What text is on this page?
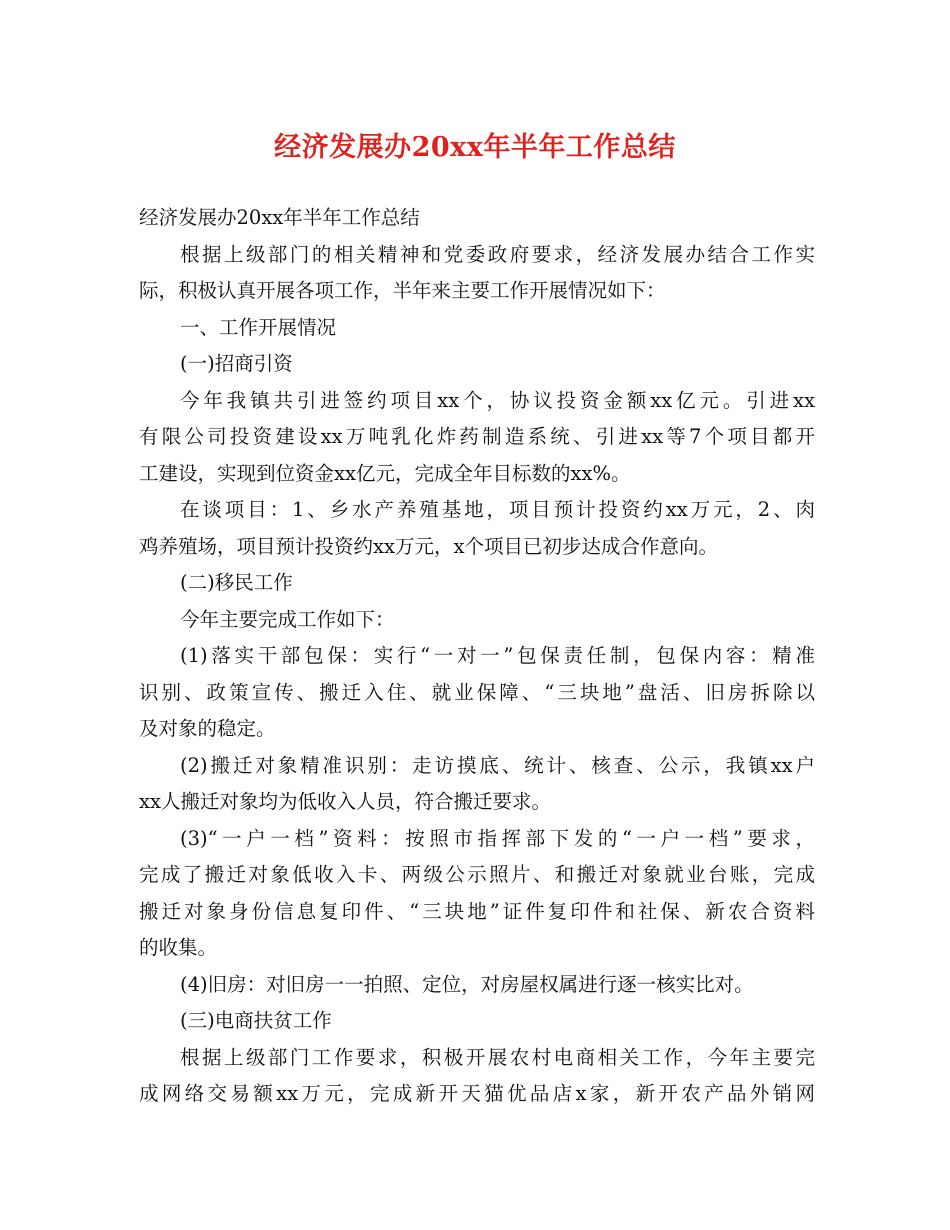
经济发展办20xx年半年工作总结
经济发展办20xx年半年工作总结
根据上级部门的相关精神和党委政府要求，经济发展办结合工作实
际，积极认真开展各项工作，半年来主要工作开展情况如下：
一、工作开展情况
(一)招商引资
今年我镇共引进签约项目xx个，协议投资金额xx亿元。引进xx
有限公司投资建设xx万吨乳化炸药制造系统、引进xx等7个项目都开
工建设，实现到位资金xx亿元，完成全年目标数的xx%。
在谈项目：1、乡水产养殖基地，项目预计投资约xx万元，2、肉
鸡养殖场，项目预计投资约xx万元，x个项目已初步达成合作意向。
(二)移民工作
今年主要完成工作如下：
(1)落实干部包保：实行“一对一”包保责任制，包保内容：精准
识别、政策宣传、搬迁入住、就业保障、“三块地”盘活、旧房拆除以
及对象的稳定。
(2)搬迁对象精准识别：走访摸底、统计、核查、公示，我镇xx户
xx人搬迁对象均为低收入人员，符合搬迁要求。
(3)“一户一档”资料：按照市指挥部下发的“一户一档”要求，
完成了搬迁对象低收入卡、两级公示照片、和搬迁对象就业台账，完成
搬迁对象身份信息复印件、“三块地”证件复印件和社保、新农合资料
的收集。
(4)旧房：对旧房一一拍照、定位，对房屋权属进行逐一核实比对。
(三)电商扶贫工作
根据上级部门工作要求，积极开展农村电商相关工作，今年主要完
成网络交易额xx万元，完成新开天猫优品店x家，新开农产品外销网
